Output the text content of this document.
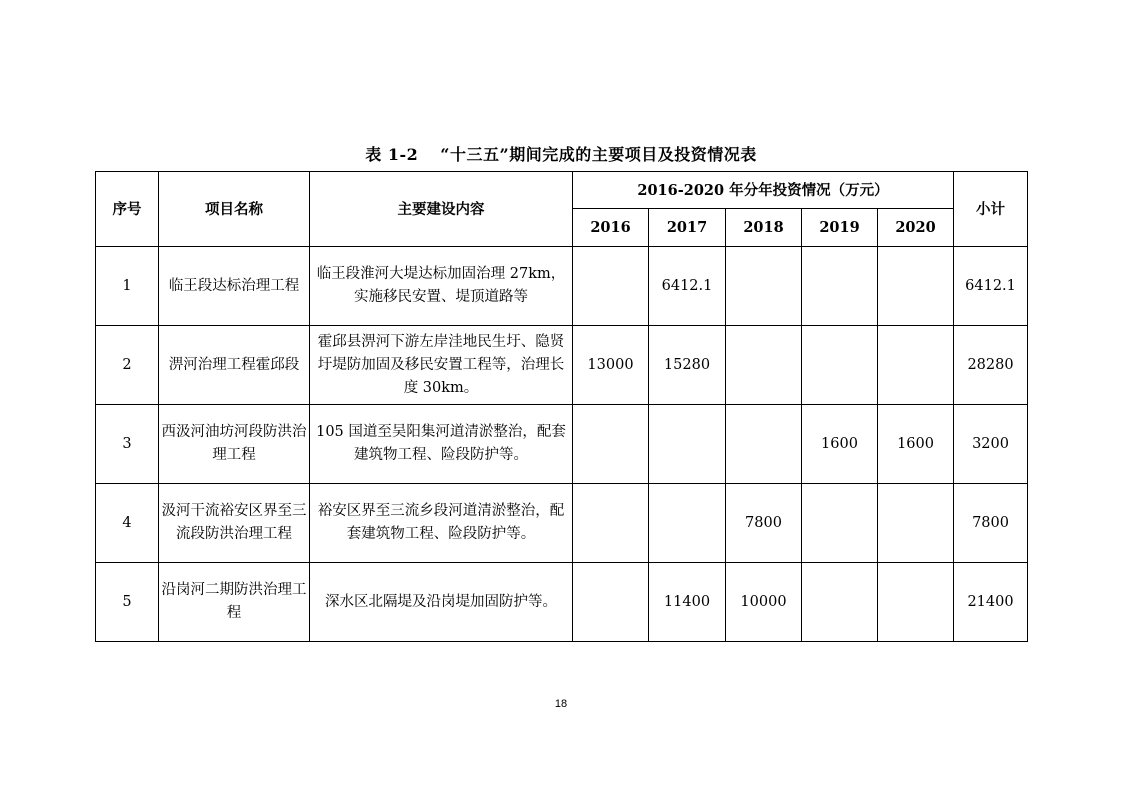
表 1-2 “十三五”期间完成的主要项目及投资情况表
序号	项目名称	主要建设内容	2016-2020 年分年投资情况（万元）					小计
			2016	2017	2018	2019	2020	
1	临王段达标治理工程	临王段淮河大堤达标加固治理 27km，实施移民安置、堤顶道路等		6412.1				6412.1
2	淠河治理工程霍邱段	霍邱县淠河下游左岸洼地民生圩、隐贤圩堤防加固及移民安置工程等，治理长度 30km。	13000	15280				28280
3	西汲河油坊河段防洪治理工程	105 国道至吴阳集河道清淤整治，配套建筑物工程、险段防护等。				1600	1600	3200
4	汲河干流裕安区界至三流段防洪治理工程	裕安区界至三流乡段河道清淤整治，配套建筑物工程、险段防护等。			7800			7800
5	沿岗河二期防洪治理工程	深水区北隔堤及沿岗堤加固防护等。		11400	10000			21400
18
